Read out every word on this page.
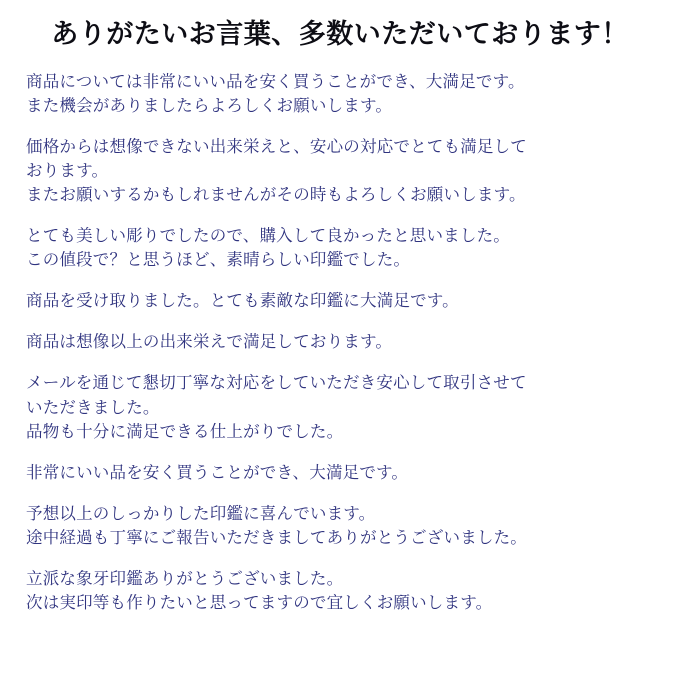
ありがたいお言葉、多数いただいております！
商品については非常にいい品を安く買うことができ、大満足です。
また機会がありましたらよろしくお願いします。
価格からは想像できない出来栄えと、安心の対応でとても満足して
おります。
またお願いするかもしれませんがその時もよろしくお願いします。
とても美しい彫りでしたので、購入して良かったと思いました。
この値段で？と思うほど、素晴らしい印鑑でした。
商品を受け取りました。とても素敵な印鑑に大満足です。
商品は想像以上の出来栄えで満足しております。
メールを通じて懇切丁寧な対応をしていただき安心して取引させて
いただきました。
品物も十分に満足できる仕上がりでした。
非常にいい品を安く買うことができ、大満足です。
予想以上のしっかりした印鑑に喜んでいます。
途中経過も丁寧にご報告いただきましてありがとうございました。
立派な象牙印鑑ありがとうございました。
次は実印等も作りたいと思ってますので宜しくお願いします。
